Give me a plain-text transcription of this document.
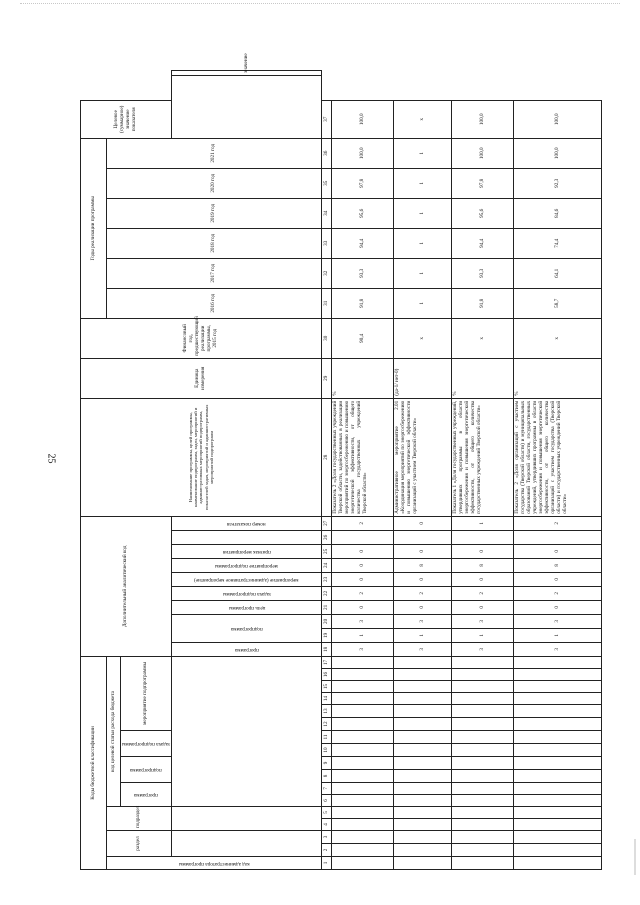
25
Коды бюджетной классификации																	Дополнительный аналитический код										Наименование программы, целей программы, наименование подпрограмм, задач, мероприятий и административных мероприятий подпрограмм, показателей задач, мероприятий и административных мероприятий подпрограмм	Единица измерения	Финансовый год, предшествующий реализации программы, 2015 год	Годы реализации программы						Целевое (суммарное) значение показателя	

код администратора программы	раздел		подраздел		код целевой статьи расхода бюджета																									2016 год	2017 год	2018 год	2019 год	2020 год	2021 год		

					программа		подпрограмма		задача подпрограммы		мероприятие подпрограммы																										

																	программа	подпрограмма		цель программы	задача подпрограммы	мероприятие (административное мероприятие)	мероприятие подпрограммы	признак мероприятия		номер показателя											значение
1	2	3	4	5	6	7	8	9	10	11	12	13	14	15	16	17	18	19	20	21	22	23	24	25	26	27	28	29	30	31	32	33	34	35	36	37	
																	3	1	3	0	2	0	0	0		2	Показатель 2 «Доля государственных учреждений Тверской области, задействованных в реализации мероприятий по энергосбережению и повышению энергетической эффективности, от общего количества государственных учреждений Тверской области»	%	90,4	91,8	93,3	94,4	95,6	97,8	100,0	100,0	
																	3	1	3	0	2	0	8	0		0	Административное мероприятие 2.01 «Координация мероприятий по энергосбережению и повышению энергетической эффективности организаций с участием Тверской области»	(да-1/ нет-0)	х	1	1	1	1	1	1	х	
																	3	1	3	0	2	0	8	0		1	Показатель 1 «Доля государственных учреждений, утвердивших программы в области энергосбережения и повышения энергетической эффективности, от общего количества государственных учреждений Тверской области»	%	х	91,8	93,3	94,4	95,6	97,8	100,0	100,0	
																	3	1	3	0	2	0	8	0		2	Показатель 2 «Доля организаций с участием государства (Тверской области) и муниципальных образований Тверской области, государственных учреждений, утвердивших программы в области энергосбережения и повышения энергетической эффективности, от общего количества организаций с участием государства (Тверской области) и государственных учреждений Тверской области»	%	х	58,7	64,1	74,4	84,6	92,3	100,0	100,0	
